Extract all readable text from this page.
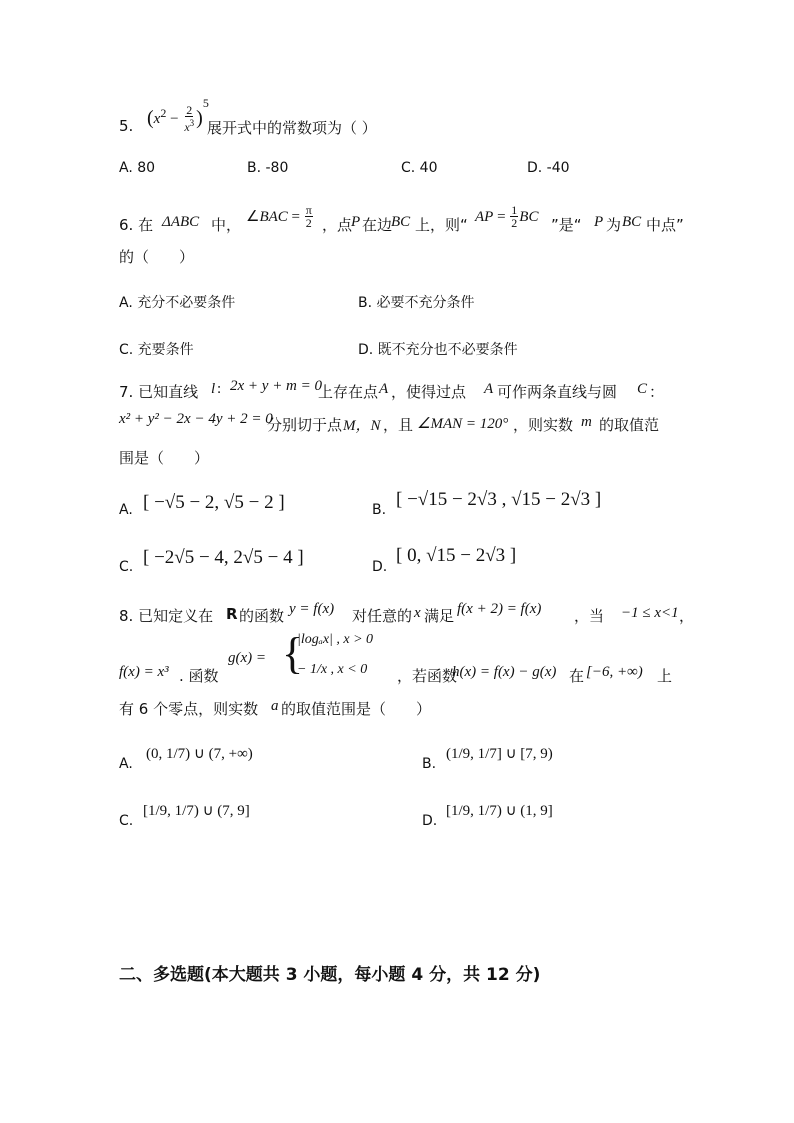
5. $(x^2 - \frac{2}{x^3} )^5$
展开式中的常数项为（ ）
A. 80	B. -80	C. 40	D. -40
6. 在 ΔABC 中， ∠BAC = $\frac{\pi}{2}$ ，点
P 在边
BC 上，则“ AP = $\frac{1}{2}$ BC ”是“ P 为 BC 中点”
的（　　）
A. 充分不必要条件	B. 必要不充分条件
C. 充要条件	D. 既不充分也不必要条件
7. 已知直线 l : 2x + y + m = 0
上存在点 A ，使得过点 A 可作两条直线与圆 C ：
x² + y² − 2x − 4y + 2 = 0
分别切于点 M，N ，且 ∠MAN = 120° ，则实数 m 的取值范
围是（　　）
A. [ −√5 − 2, √5 − 2 ]	B. [ −√15 − 2√3 , √15 − 2√3 ]
C. [ −2√5 − 4, 2√5 − 4 ]	D.
[ 0, √15 − 2√3 ]
8. 已知定义在 R 的函数 y = f(x) 对任意的 x 满足 f(x + 2) = f(x) ，当 −1 ≤ x<1 ，
f(x) = x³ . 函数
g(x) = {
|logₐx| , x > 0
− 1/x , x < 0 ，若函数
h(x) = f(x) − g(x) 在 [−6, +∞) 上
有 6 个零点，则实数 a 的取值范围是（　　）
A.
(0, 1/7) ∪ (7, +∞)
B.
(1/9, 1/7] ∪ [7, 9)
C.
[1/9, 1/7) ∪ (7, 9]
D.
[1/9, 1/7) ∪ (1, 9]
二、多选题(本大题共 3 小题，每小题 4 分，共 12 分)
